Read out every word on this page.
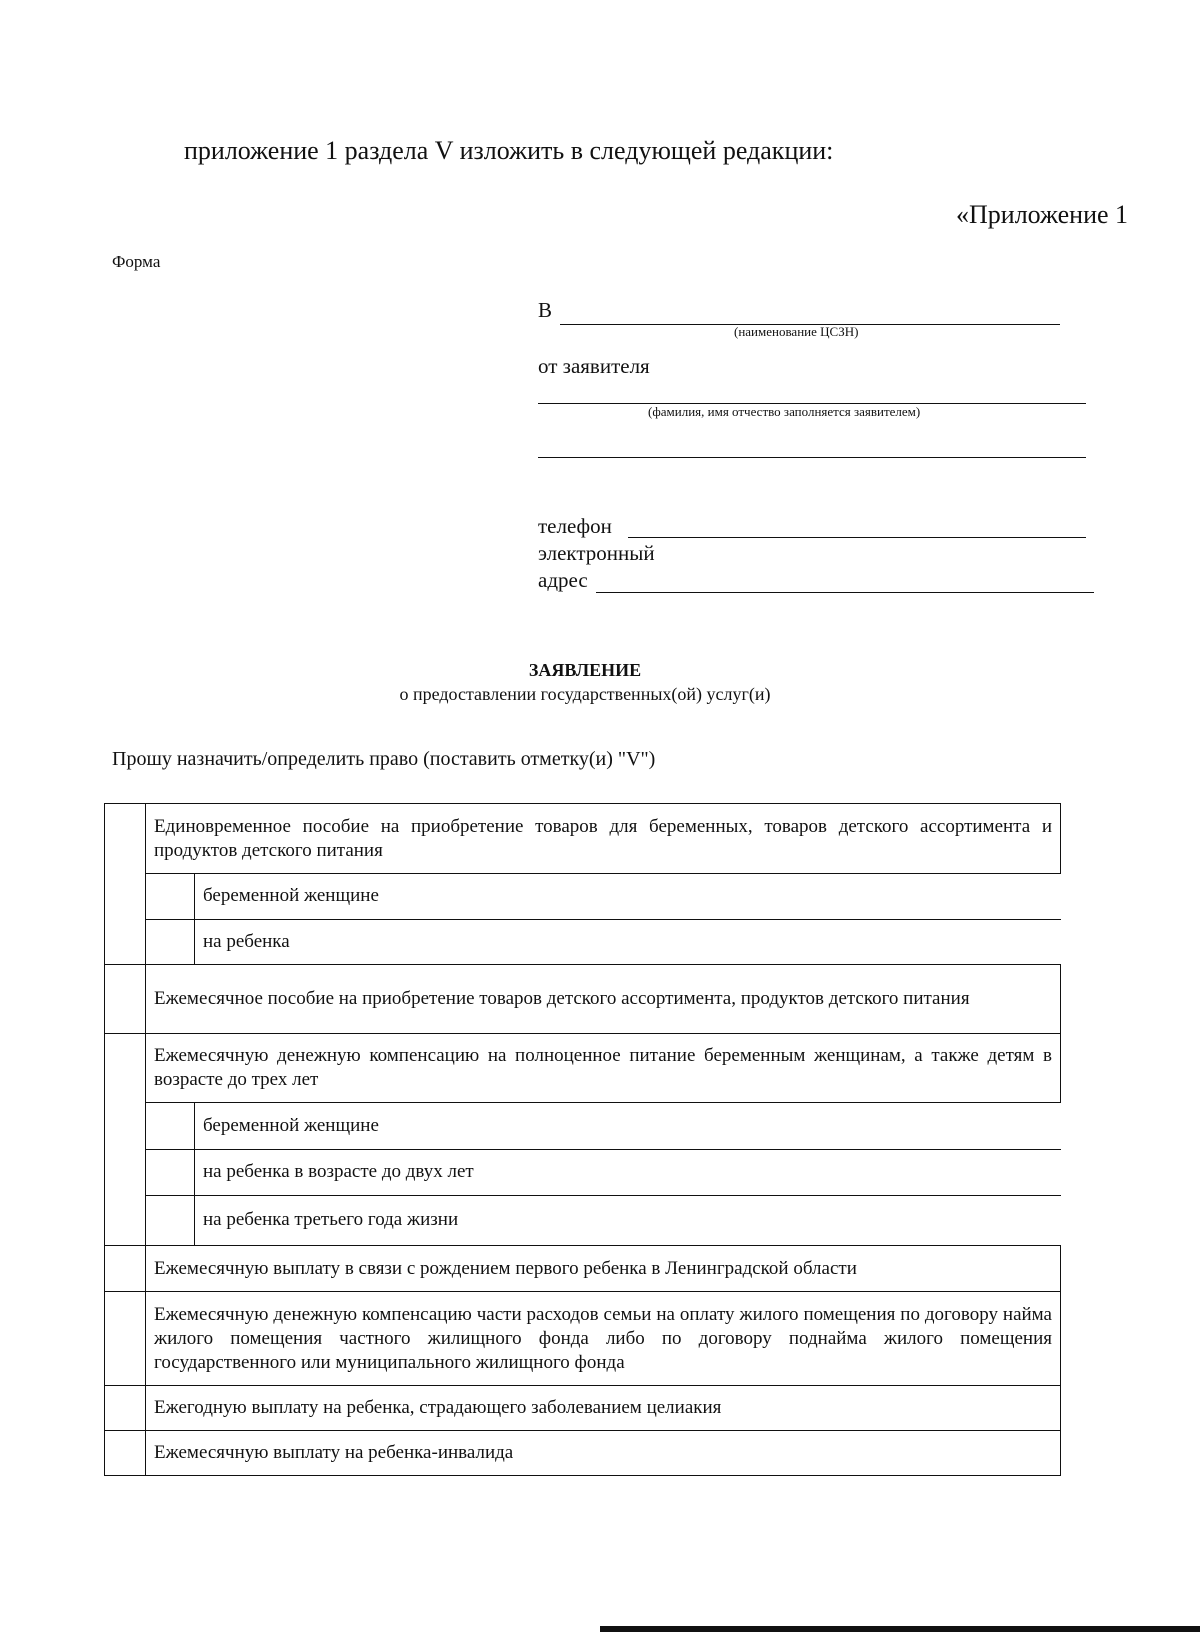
приложение 1 раздела V изложить в следующей редакции:
«Приложение 1
Форма
В
(наименование ЦСЗН)
от заявителя
(фамилия, имя отчество заполняется заявителем)
телефон
электронный
адрес
ЗАЯВЛЕНИЕ
о предоставлении государственных(ой) услуг(и)
Прошу назначить/определить право (поставить отметку(и) "V")
	Единовременное пособие на приобретение товаров для беременных, товаров детского ассортимента и продуктов детского питания

	беременной женщине
	на ребенка

	Ежемесячное пособие на приобретение товаров детского ассортимента, продуктов детского питания
	Ежемесячную денежную компенсацию на полноценное питание беременным женщинам, а также детям в возрасте до трех лет

	беременной женщине
	на ребенка в возрасте до двух лет
	на ребенка третьего года жизни

	Ежемесячную выплату в связи с рождением первого ребенка в Ленинградской области
	Ежемесячную денежную компенсацию части расходов семьи на оплату жилого помещения по договору найма жилого помещения частного жилищного фонда либо по договору поднайма жилого помещения государственного или муниципального жилищного фонда
	Ежегодную выплату на ребенка, страдающего заболеванием целиакия
	Ежемесячную выплату на ребенка-инвалида
